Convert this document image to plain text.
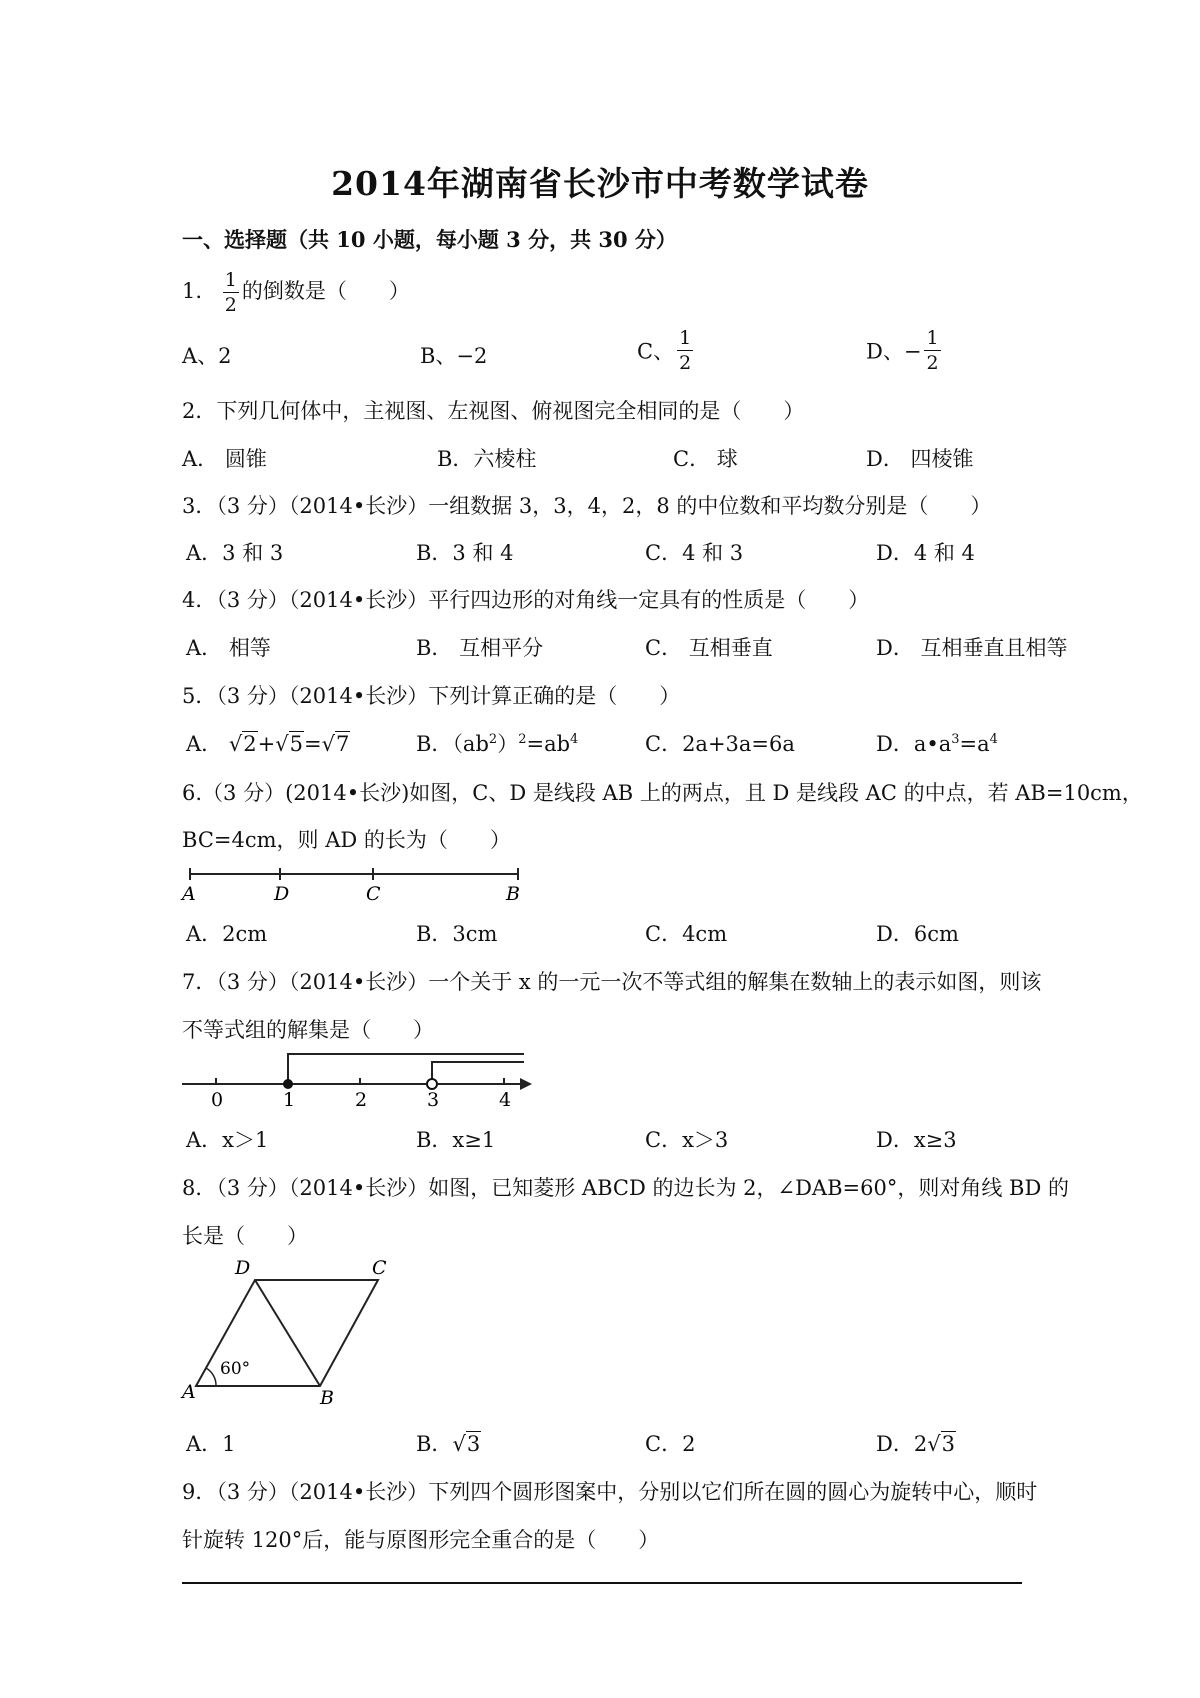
2014年湖南省长沙市中考数学试卷
一、选择题（共 10 小题，每小题 3 分，共 30 分）
1. $\frac{1}{2}$ 的倒数是（　　）
A、2	B、−2	C、 $\frac{1}{2}$	D、− $\frac{1}{2}$
2．下列几何体中，主视图、左视图、俯视图完全相同的是（　　）
A． 圆锥	B．六棱柱	C． 球	D． 四棱锥
3．（3 分）（2014•长沙）一组数据 3，3，4，2，8 的中位数和平均数分别是（　　）
A．3 和 3	B．3 和 4	C．4 和 3	D．4 和 4
4．（3 分）（2014•长沙）平行四边形的对角线一定具有的性质是（　　）
A． 相等	B． 互相平分	C． 互相垂直	D． 互相垂直且相等
5．（3 分）（2014•长沙）下列计算正确的是（　　）
A． √2+√5=√7	B．$(ab^2)^2=ab^4$	C．2a+3a=6a	D．$a•a^3=a^4$
6.（3 分）(2014•长沙)如图，C、D 是线段 AB 上的两点，且 D 是线段 AC 的中点，若 AB=10cm，
BC=4cm，则 AD 的长为（　　）
A	D	C	B
A．2cm	B．3cm	C．4cm	D．6cm
7．（3 分）（2014•长沙）一个关于 x 的一元一次不等式组的解集在数轴上的表示如图，则该
不等式组的解集是（　　）
0	1	2	3	4
A．x＞1	B．x≥1	C．x＞3	D．x≥3
8．（3 分）（2014•长沙）如图，已知菱形 ABCD 的边长为 2，∠DAB=60°，则对角线 BD 的
长是（　　）
D	C
A	B
60°
A．1	B．√3	C．2	D．2√3
9．（3 分）（2014•长沙）下列四个圆形图案中，分别以它们所在圆的圆心为旋转中心，顺时
针旋转 120°后，能与原图形完全重合的是（　　）
